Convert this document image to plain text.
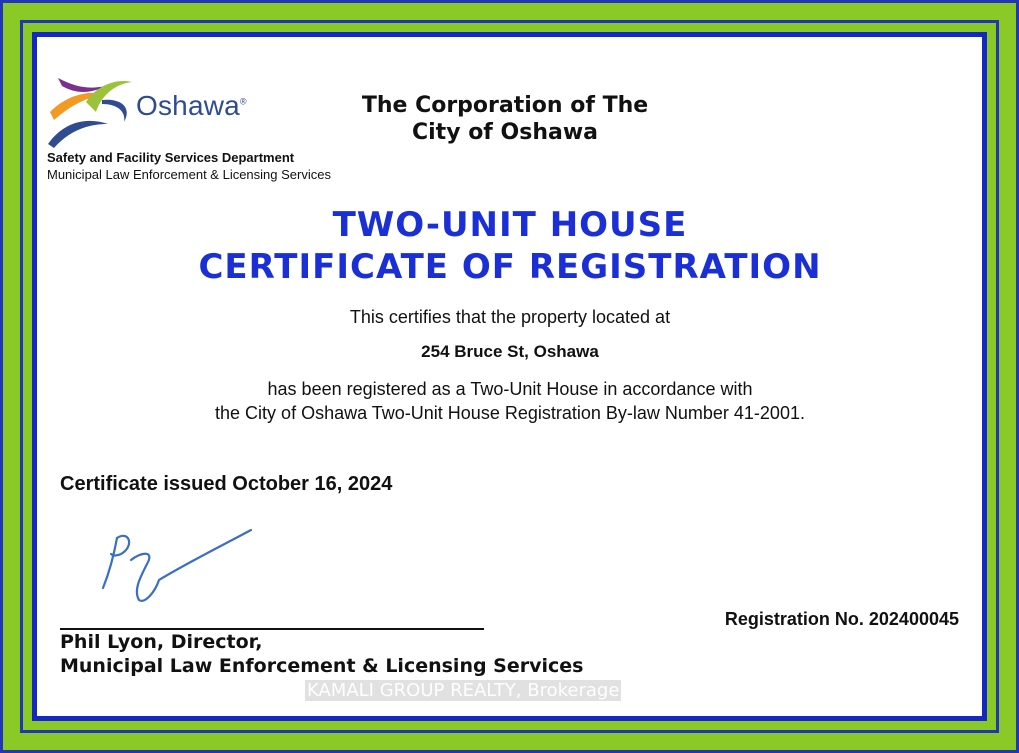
Oshawa®
Safety and Facility Services Department
Municipal Law Enforcement & Licensing Services
The Corporation of The
City of Oshawa
TWO-UNIT HOUSE
CERTIFICATE OF REGISTRATION
This certifies that the property located at
254 Bruce St, Oshawa
has been registered as a Two-Unit House in accordance with
the City of Oshawa Two-Unit House Registration By-law Number 41-2001.
Certificate issued October 16, 2024
Registration No. 202400045
Phil Lyon, Director,
Municipal Law Enforcement & Licensing Services
KAMALI GROUP REALTY, Brokerage
